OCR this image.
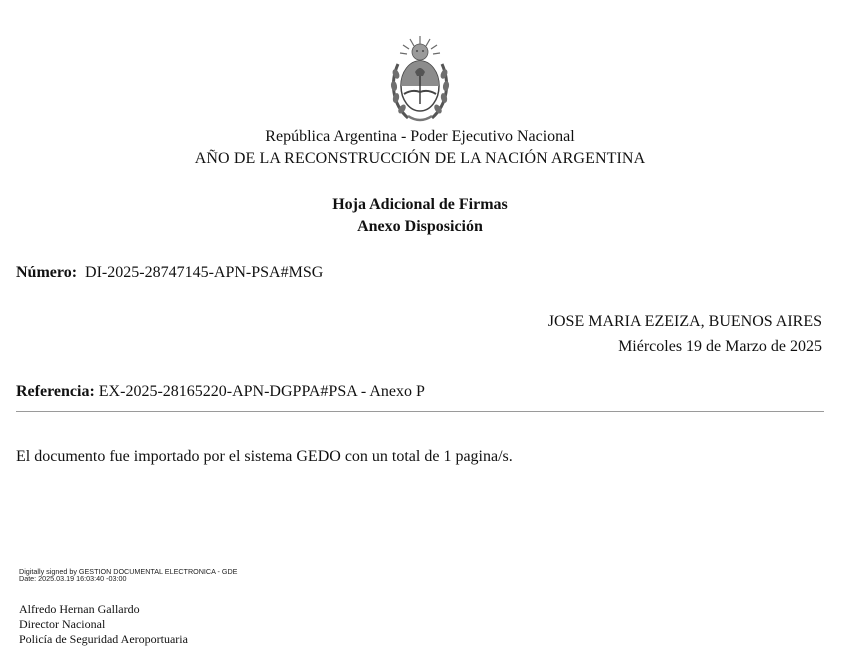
República Argentina - Poder Ejecutivo Nacional
AÑO DE LA RECONSTRUCCIÓN DE LA NACIÓN ARGENTINA
Hoja Adicional de Firmas
Anexo Disposición
Número: DI-2025-28747145-APN-PSA#MSG
JOSE MARIA EZEIZA, BUENOS AIRES
Miércoles 19 de Marzo de 2025
Referencia: EX-2025-28165220-APN-DGPPA#PSA - Anexo P
El documento fue importado por el sistema GEDO con un total de 1 pagina/s.
Digitally signed by GESTION DOCUMENTAL ELECTRONICA - GDE
Date: 2025.03.19 16:03:40 -03:00
Alfredo Hernan Gallardo
Director Nacional
Policía de Seguridad Aeroportuaria
